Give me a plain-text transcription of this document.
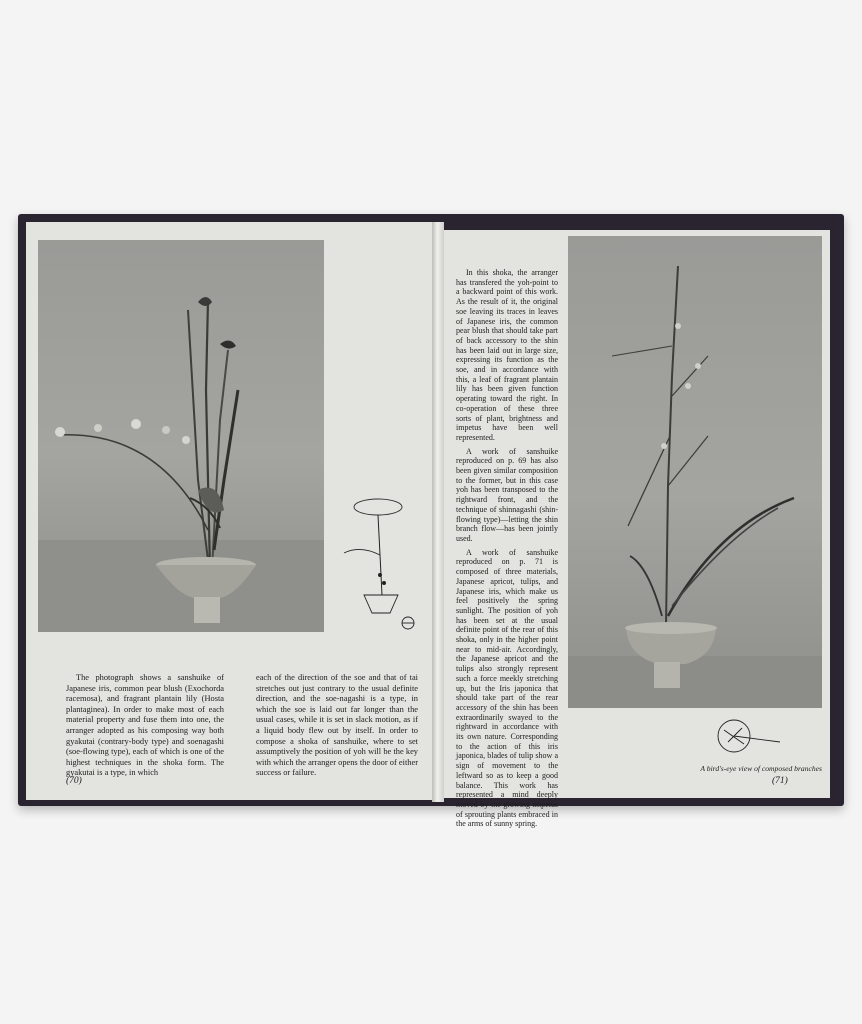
The photograph shows a sanshuike of Japanese iris, common pear blush (Exochorda racemosa), and fragrant plantain lily (Hosta plantaginea). In order to make most of each material property and fuse them into one, the arranger adopted as his composing way both gyakutai (contrary-body type) and soenagashi (soe-flowing type), each of which is one of the highest techniques in the shoka form. The gyakutai is a type, in which

each of the direction of the soe and that of tai stretches out just contrary to the usual definite direction, and the soe-nagashi is a type, in which the soe is laid out far longer than the usual cases, while it is set in slack motion, as if a liquid body flew out by itself. In order to compose a shoka of sanshuike, where to set assumptively the position of yoh will be the key with which the arranger opens the door of either success or failure.

(70)

In this shoka, the arranger has transfered the yoh-point to a backward point of this work. As the result of it, the original soe leaving its traces in leaves of Japanese iris, the common pear blush that should take part of back accessory to the shin has been laid out in large size, expressing its function as the soe, and in accordance with this, a leaf of fragrant plantain lily has been given function operating toward the right. In co-operation of these three sorts of plant, brightness and impetus have been well represented.

A work of sanshuike reproduced on p. 69 has also been given similar composition to the former, but in this case yoh has been transposed to the rightward front, and the technique of shinnagashi (shin-flowing type)—letting the shin branch flow—has been jointly used.

A work of sanshuike reproduced on p. 71 is composed of three materials, Japanese apricot, tulips, and Japanese iris, which make us feel positively the spring sunlight. The position of yoh has been set at the usual definite point of the rear of this shoka, only in the higher point near to mid-air. Accordingly, the Japanese apricot and the tulips also strongly represent such a force meekly stretching up, but the Iris japonica that should take part of the rear accessory of the shin has been extraordinarily swayed to the rightward in accordance with its own nature. Corresponding to the action of this iris japonica, blades of tulip show a sign of movement to the leftward so as to keep a good balance. This work has represented a mind deeply moved by the growing impetus of sprouting plants embraced in the arms of sunny spring.

A bird's-eye view of composed branches
(71)
